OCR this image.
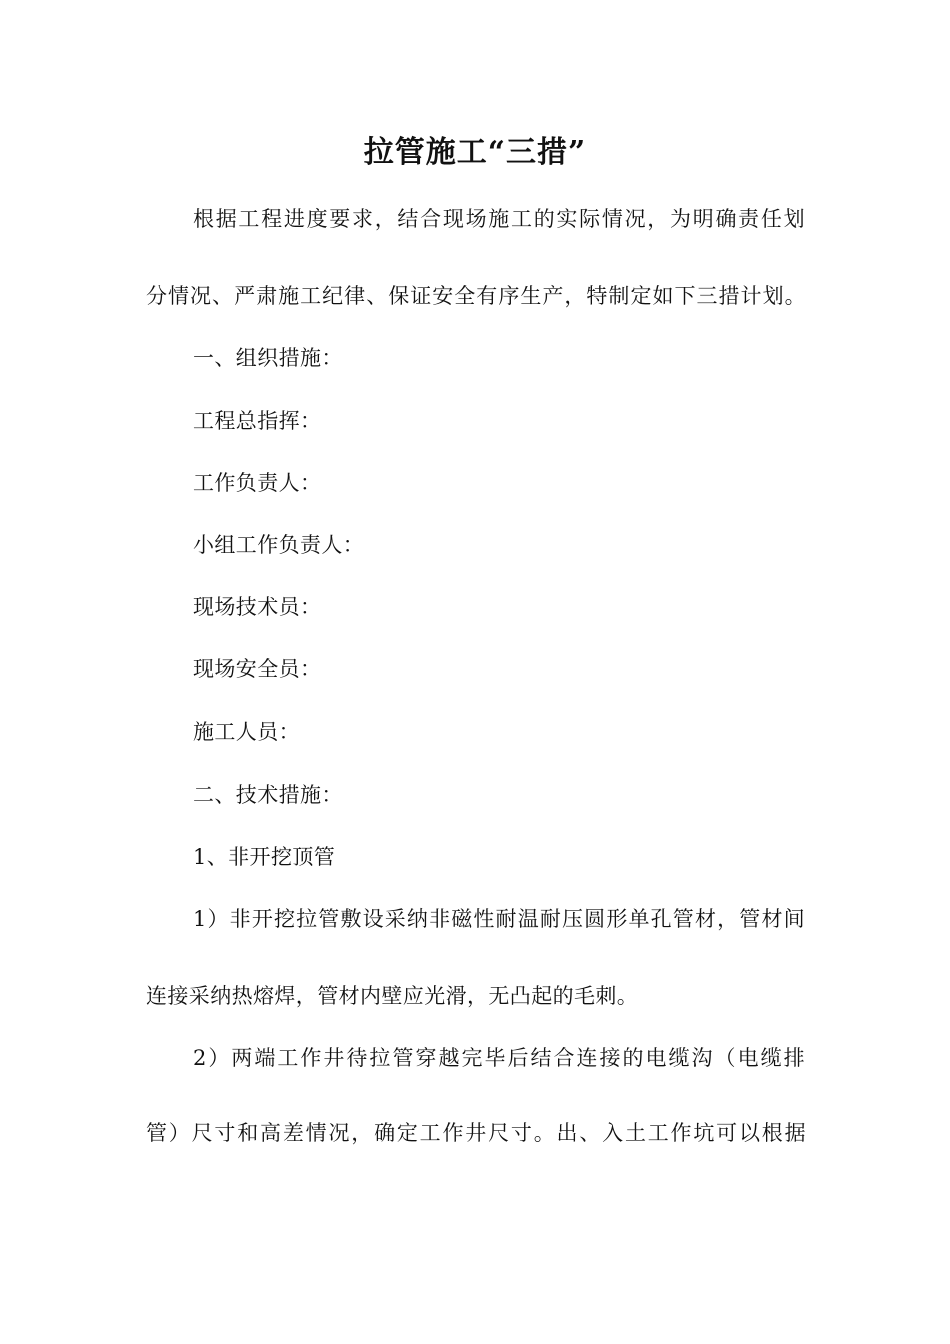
拉管施工“三措”
根据工程进度要求，结合现场施工的实际情况，为明确责任划
分情况、严肃施工纪律、保证安全有序生产，特制定如下三措计划。
一、组织措施：
工程总指挥：
工作负责人：
小组工作负责人：
现场技术员：
现场安全员：
施工人员：
二、技术措施：
1、非开挖顶管
1）非开挖拉管敷设采纳非磁性耐温耐压圆形单孔管材，管材间
连接采纳热熔焊，管材内壁应光滑，无凸起的毛刺。
2）两端工作井待拉管穿越完毕后结合连接的电缆沟（电缆排
管）尺寸和高差情况，确定工作井尺寸。出、入土工作坑可以根据
